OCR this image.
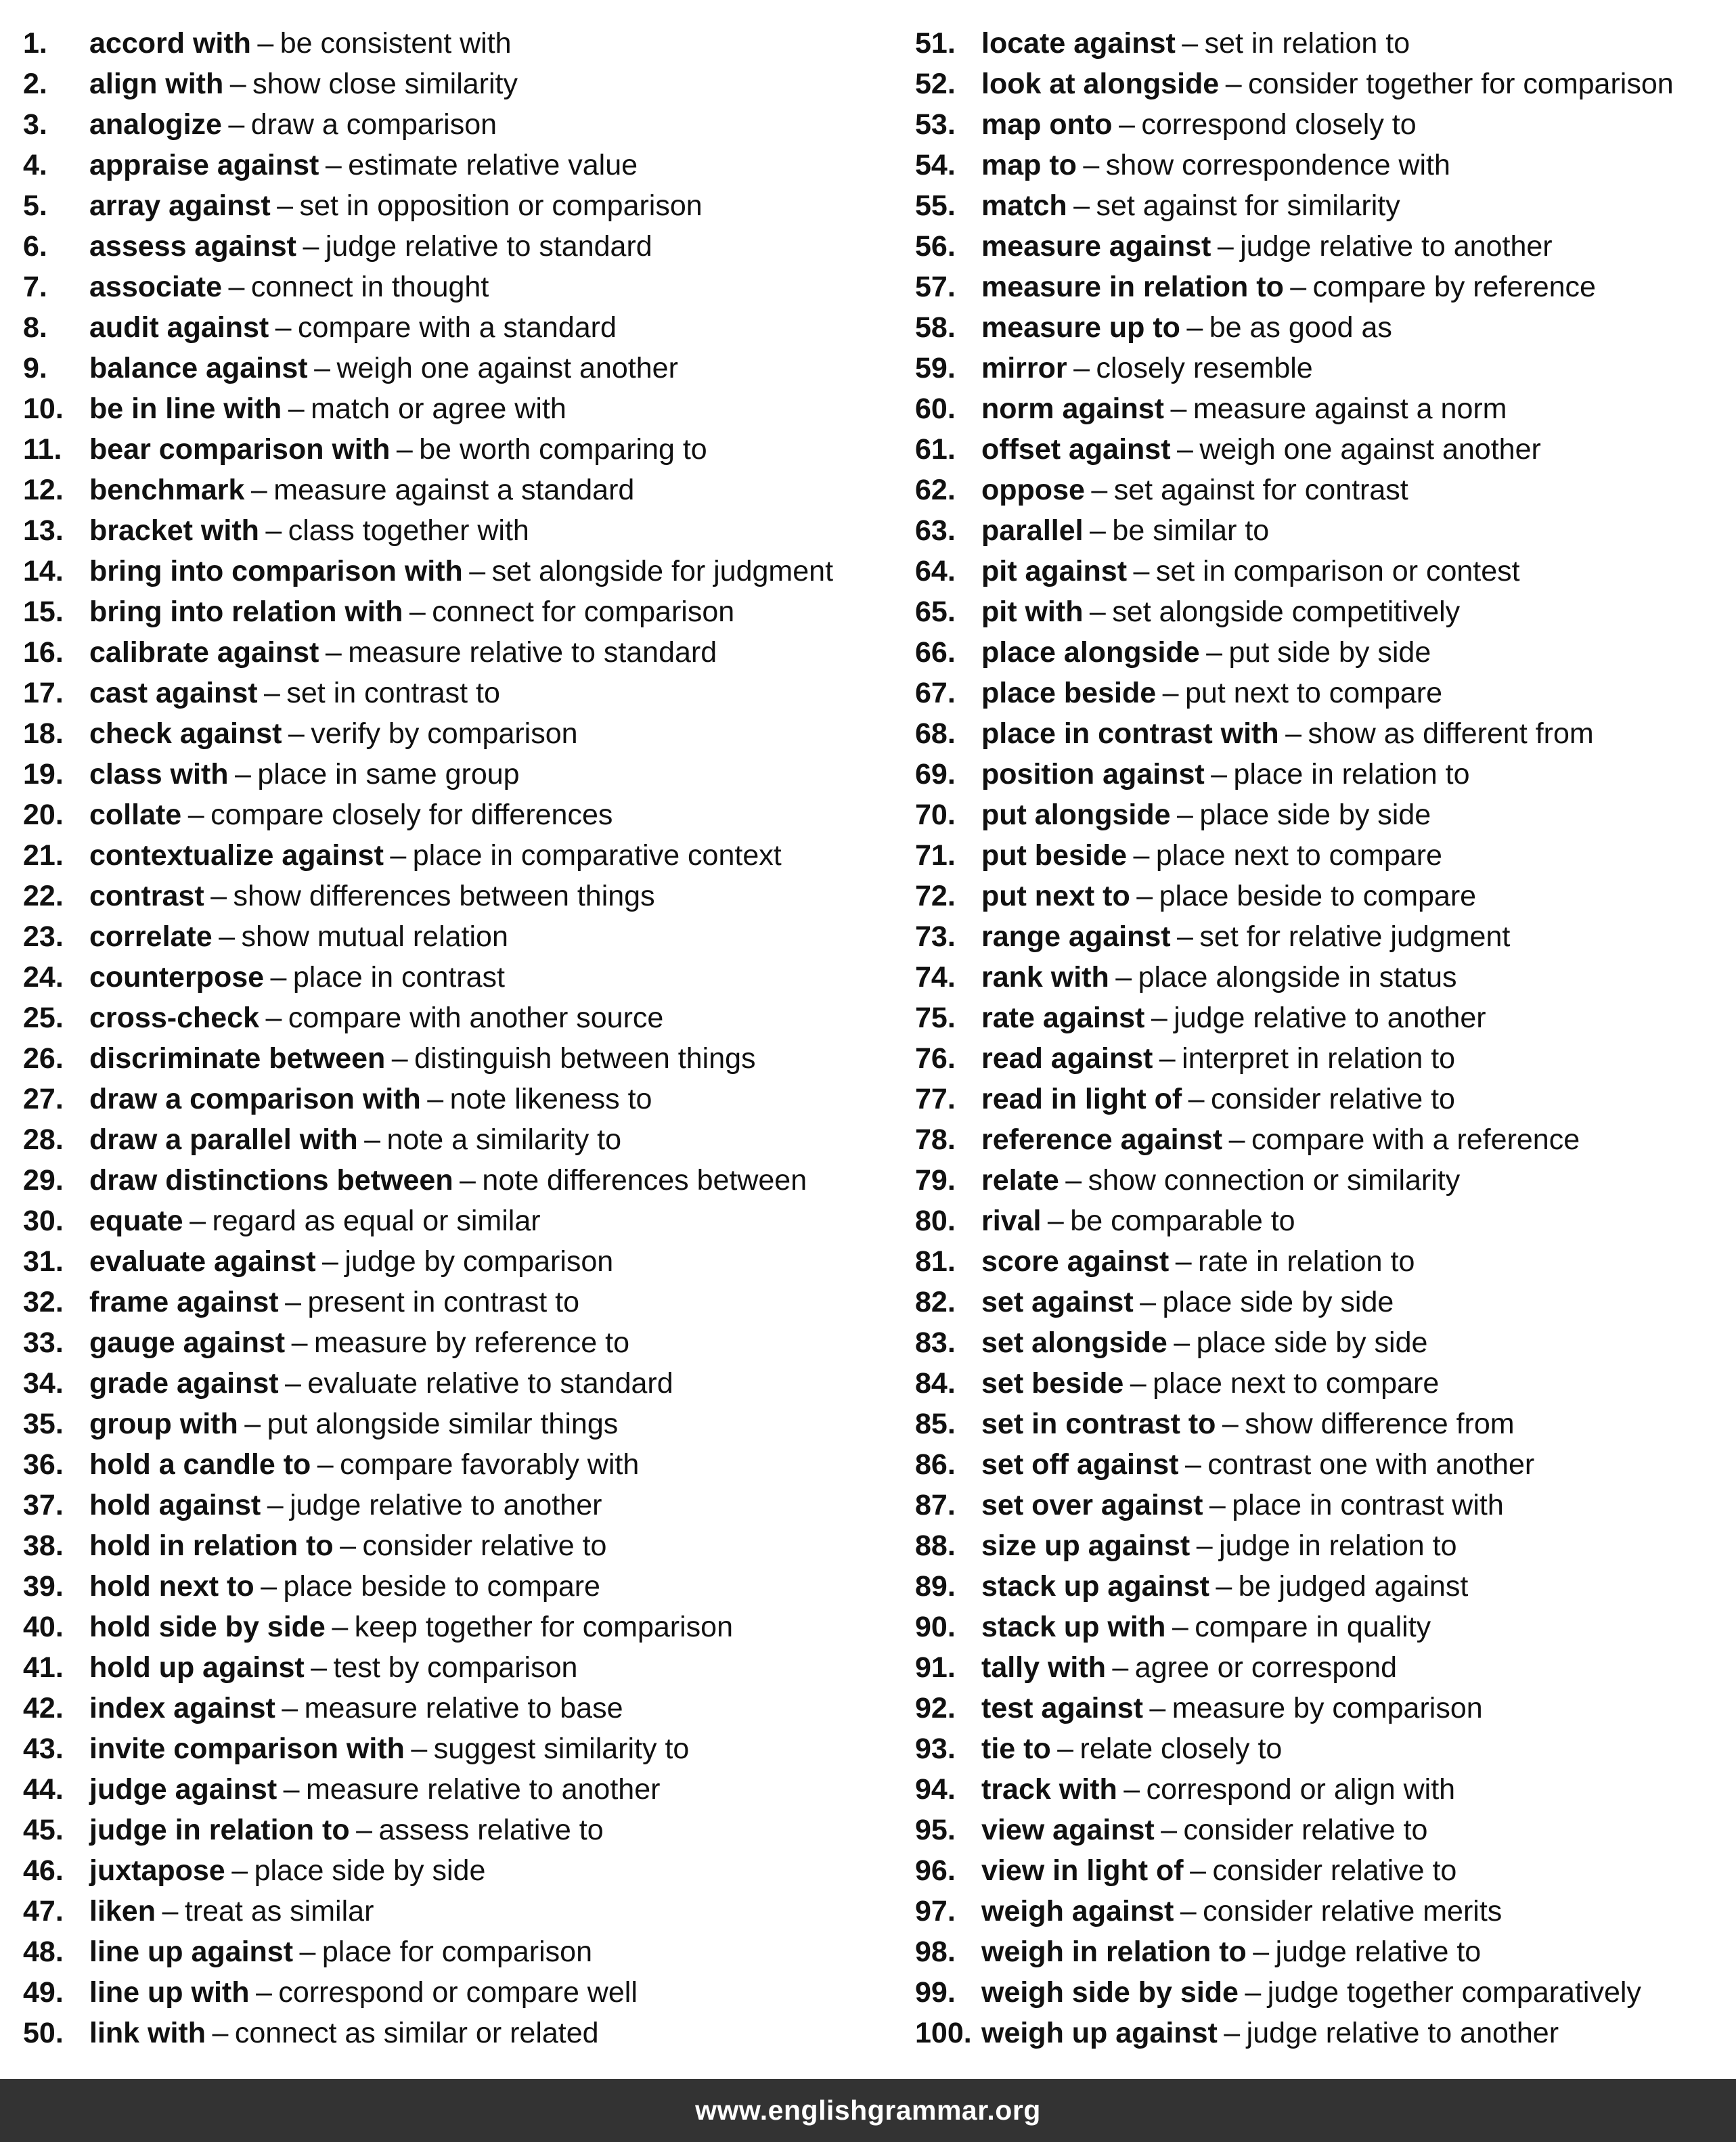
1.	accord with – be consistent with
2.	align with – show close similarity
3.	analogize – draw a comparison
4.	appraise against – estimate relative value
5.	array against – set in opposition or comparison
6.	assess against – judge relative to standard
7.	associate – connect in thought
8.	audit against – compare with a standard
9.	balance against – weigh one against another
10. be in line with – match or agree with
11. bear comparison with – be worth comparing to
12. benchmark – measure against a standard
13. bracket with – class together with
14. bring into comparison with – set alongside for judgment
15. bring into relation with – connect for comparison
16. calibrate against – measure relative to standard
17. cast against – set in contrast to
18. check against – verify by comparison
19. class with – place in same group
20. collate – compare closely for differences
21. contextualize against – place in comparative context
22. contrast – show differences between things
23. correlate – show mutual relation
24. counterpose – place in contrast
25. cross-check – compare with another source
26. discriminate between – distinguish between things
27. draw a comparison with – note likeness to
28. draw a parallel with – note a similarity to
29. draw distinctions between – note differences between
30. equate – regard as equal or similar
31. evaluate against – judge by comparison
32. frame against – present in contrast to
33. gauge against – measure by reference to
34. grade against – evaluate relative to standard
35. group with – put alongside similar things
36. hold a candle to – compare favorably with
37. hold against – judge relative to another
38. hold in relation to – consider relative to
39. hold next to – place beside to compare
40. hold side by side – keep together for comparison
41. hold up against – test by comparison
42. index against – measure relative to base
43. invite comparison with – suggest similarity to
44. judge against – measure relative to another
45. judge in relation to – assess relative to
46. juxtapose – place side by side
47. liken – treat as similar
48. line up against – place for comparison
49. line up with – correspond or compare well
50. link with – connect as similar or related
51. locate against – set in relation to
52. look at alongside – consider together for comparison
53. map onto – correspond closely to
54. map to – show correspondence with
55. match – set against for similarity
56. measure against – judge relative to another
57. measure in relation to – compare by reference
58. measure up to – be as good as
59. mirror – closely resemble
60. norm against – measure against a norm
61. offset against – weigh one against another
62. oppose – set against for contrast
63. parallel – be similar to
64. pit against – set in comparison or contest
65. pit with – set alongside competitively
66. place alongside – put side by side
67. place beside – put next to compare
68. place in contrast with – show as different from
69. position against – place in relation to
70. put alongside – place side by side
71. put beside – place next to compare
72. put next to – place beside to compare
73. range against – set for relative judgment
74. rank with – place alongside in status
75. rate against – judge relative to another
76. read against – interpret in relation to
77. read in light of – consider relative to
78. reference against – compare with a reference
79. relate – show connection or similarity
80. rival – be comparable to
81. score against – rate in relation to
82. set against – place side by side
83. set alongside – place side by side
84. set beside – place next to compare
85. set in contrast to – show difference from
86. set off against – contrast one with another
87. set over against – place in contrast with
88. size up against – judge in relation to
89. stack up against – be judged against
90. stack up with – compare in quality
91. tally with – agree or correspond
92. test against – measure by comparison
93. tie to – relate closely to
94. track with – correspond or align with
95. view against – consider relative to
96. view in light of – consider relative to
97. weigh against – consider relative merits
98. weigh in relation to – judge relative to
99. weigh side by side – judge together comparatively
100. weigh up against – judge relative to another
www.englishgrammar.org
